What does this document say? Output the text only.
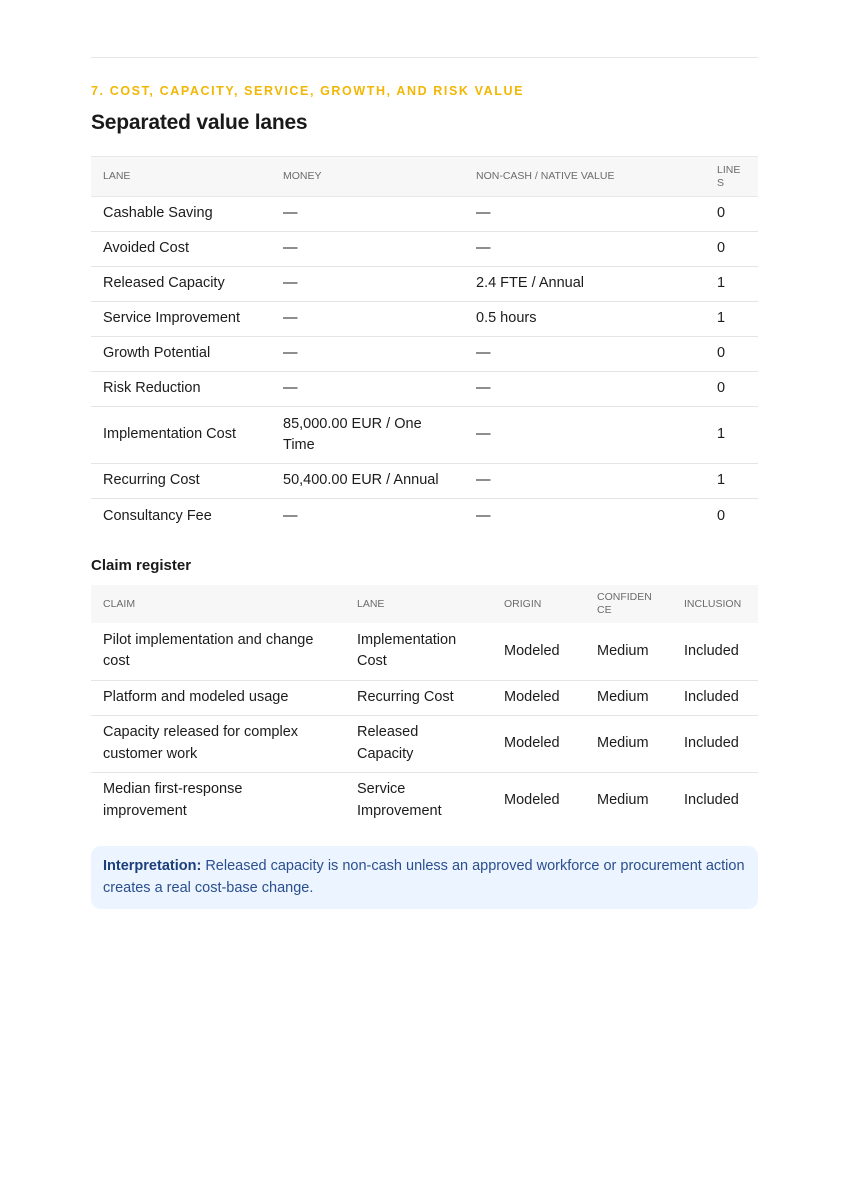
7. COST, CAPACITY, SERVICE, GROWTH, AND RISK VALUE
Separated value lanes
LANE	MONEY	NON-CASH / NATIVE VALUE	LINES
Cashable Saving	—	—	0
Avoided Cost	—	—	0
Released Capacity	—	2.4 FTE / Annual	1
Service Improvement	—	0.5 hours	1
Growth Potential	—	—	0
Risk Reduction	—	—	0
Implementation Cost	85,000.00 EUR / One Time	—	1
Recurring Cost	50,400.00 EUR / Annual	—	1
Consultancy Fee	—	—	0
Claim register
CLAIM	LANE	ORIGIN	CONFIDENCE	INCLUSION
Pilot implementation and change cost	Implementation Cost	Modeled	Medium	Included
Platform and modeled usage	Recurring Cost	Modeled	Medium	Included
Capacity released for complex customer work	Released Capacity	Modeled	Medium	Included
Median first-response improvement	Service Improvement	Modeled	Medium	Included
Interpretation: Released capacity is non-cash unless an approved workforce or procurement action creates a real cost-base change.
